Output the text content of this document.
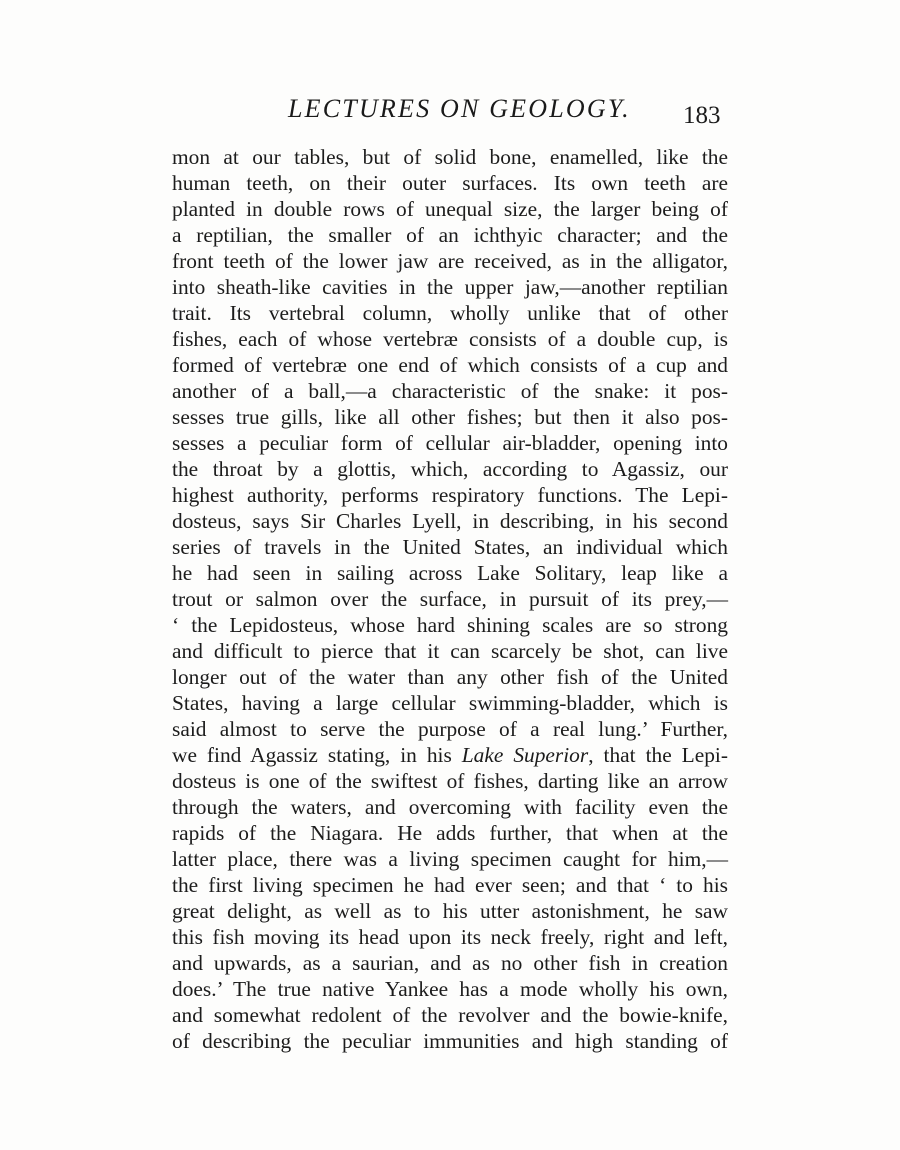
LECTURES ON GEOLOGY. 183
mon at our tables, but of solid bone, enamelled, like the
human teeth, on their outer surfaces. Its own teeth are
planted in double rows of unequal size, the larger being of
a reptilian, the smaller of an ichthyic character; and the
front teeth of the lower jaw are received, as in the alligator,
into sheath-like cavities in the upper jaw,—another reptilian
trait. Its vertebral column, wholly unlike that of other
fishes, each of whose vertebræ consists of a double cup, is
formed of vertebræ one end of which consists of a cup and
another of a ball,—a characteristic of the snake: it pos-
sesses true gills, like all other fishes; but then it also pos-
sesses a peculiar form of cellular air-bladder, opening into
the throat by a glottis, which, according to Agassiz, our
highest authority, performs respiratory functions. The Lepi-
dosteus, says Sir Charles Lyell, in describing, in his second
series of travels in the United States, an individual which
he had seen in sailing across Lake Solitary, leap like a
trout or salmon over the surface, in pursuit of its prey,—
‘ the Lepidosteus, whose hard shining scales are so strong
and difficult to pierce that it can scarcely be shot, can live
longer out of the water than any other fish of the United
States, having a large cellular swimming-bladder, which is
said almost to serve the purpose of a real lung.’ Further,
we find Agassiz stating, in his Lake Superior, that the Lepi-
dosteus is one of the swiftest of fishes, darting like an arrow
through the waters, and overcoming with facility even the
rapids of the Niagara. He adds further, that when at the
latter place, there was a living specimen caught for him,—
the first living specimen he had ever seen; and that ‘ to his
great delight, as well as to his utter astonishment, he saw
this fish moving its head upon its neck freely, right and left,
and upwards, as a saurian, and as no other fish in creation
does.’ The true native Yankee has a mode wholly his own,
and somewhat redolent of the revolver and the bowie-knife,
of describing the peculiar immunities and high standing of
